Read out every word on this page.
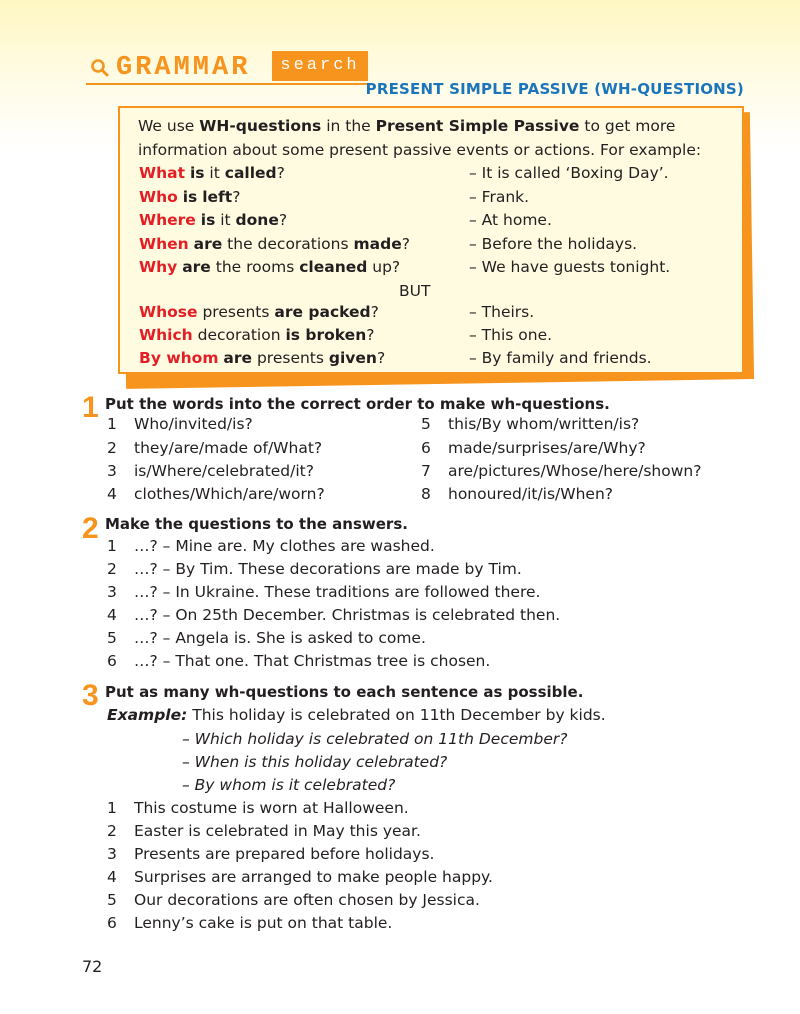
GRAMMAR	search
PRESENT SIMPLE PASSIVE (WH-QUESTIONS)

We use WH-questions in the Present Simple Passive to get more information about some present passive events or actions. For example:

What is it called?	– It is called ‘Boxing Day’.
Who is left?	– Frank.
Where is it done?	– At home.
When are the decorations made?	– Before the holidays.
Why are the rooms cleaned up?	– We have guests tonight.
BUT
Whose presents are packed?	– Theirs.
Which decoration is broken?	– This one.
By whom are presents given?	– By family and friends.
1 Put the words into the correct order to make wh-questions.
1 Who/invited/is?
2 they/are/made of/What?
3 is/Where/celebrated/it?
4 clothes/Which/are/worn?
5 this/By whom/written/is?
6 made/surprises/are/Why?
7 are/pictures/Whose/here/shown?
8 honoured/it/is/When?
2 Make the questions to the answers.
1 …? – Mine are. My clothes are washed.
2 …? – By Tim. These decorations are made by Tim.
3 …? – In Ukraine. These traditions are followed there.
4 …? – On 25th December. Christmas is celebrated then.
5 …? – Angela is. She is asked to come.
6 …? – That one. That Christmas tree is chosen.
3 Put as many wh-questions to each sentence as possible.
Example: This holiday is celebrated on 11th December by kids.
– Which holiday is celebrated on 11th December?
– When is this holiday celebrated?
– By whom is it celebrated?
1 This costume is worn at Halloween.
2 Easter is celebrated in May this year.
3 Presents are prepared before holidays.
4 Surprises are arranged to make people happy.
5 Our decorations are often chosen by Jessica.
6 Lenny’s cake is put on that table.
72
